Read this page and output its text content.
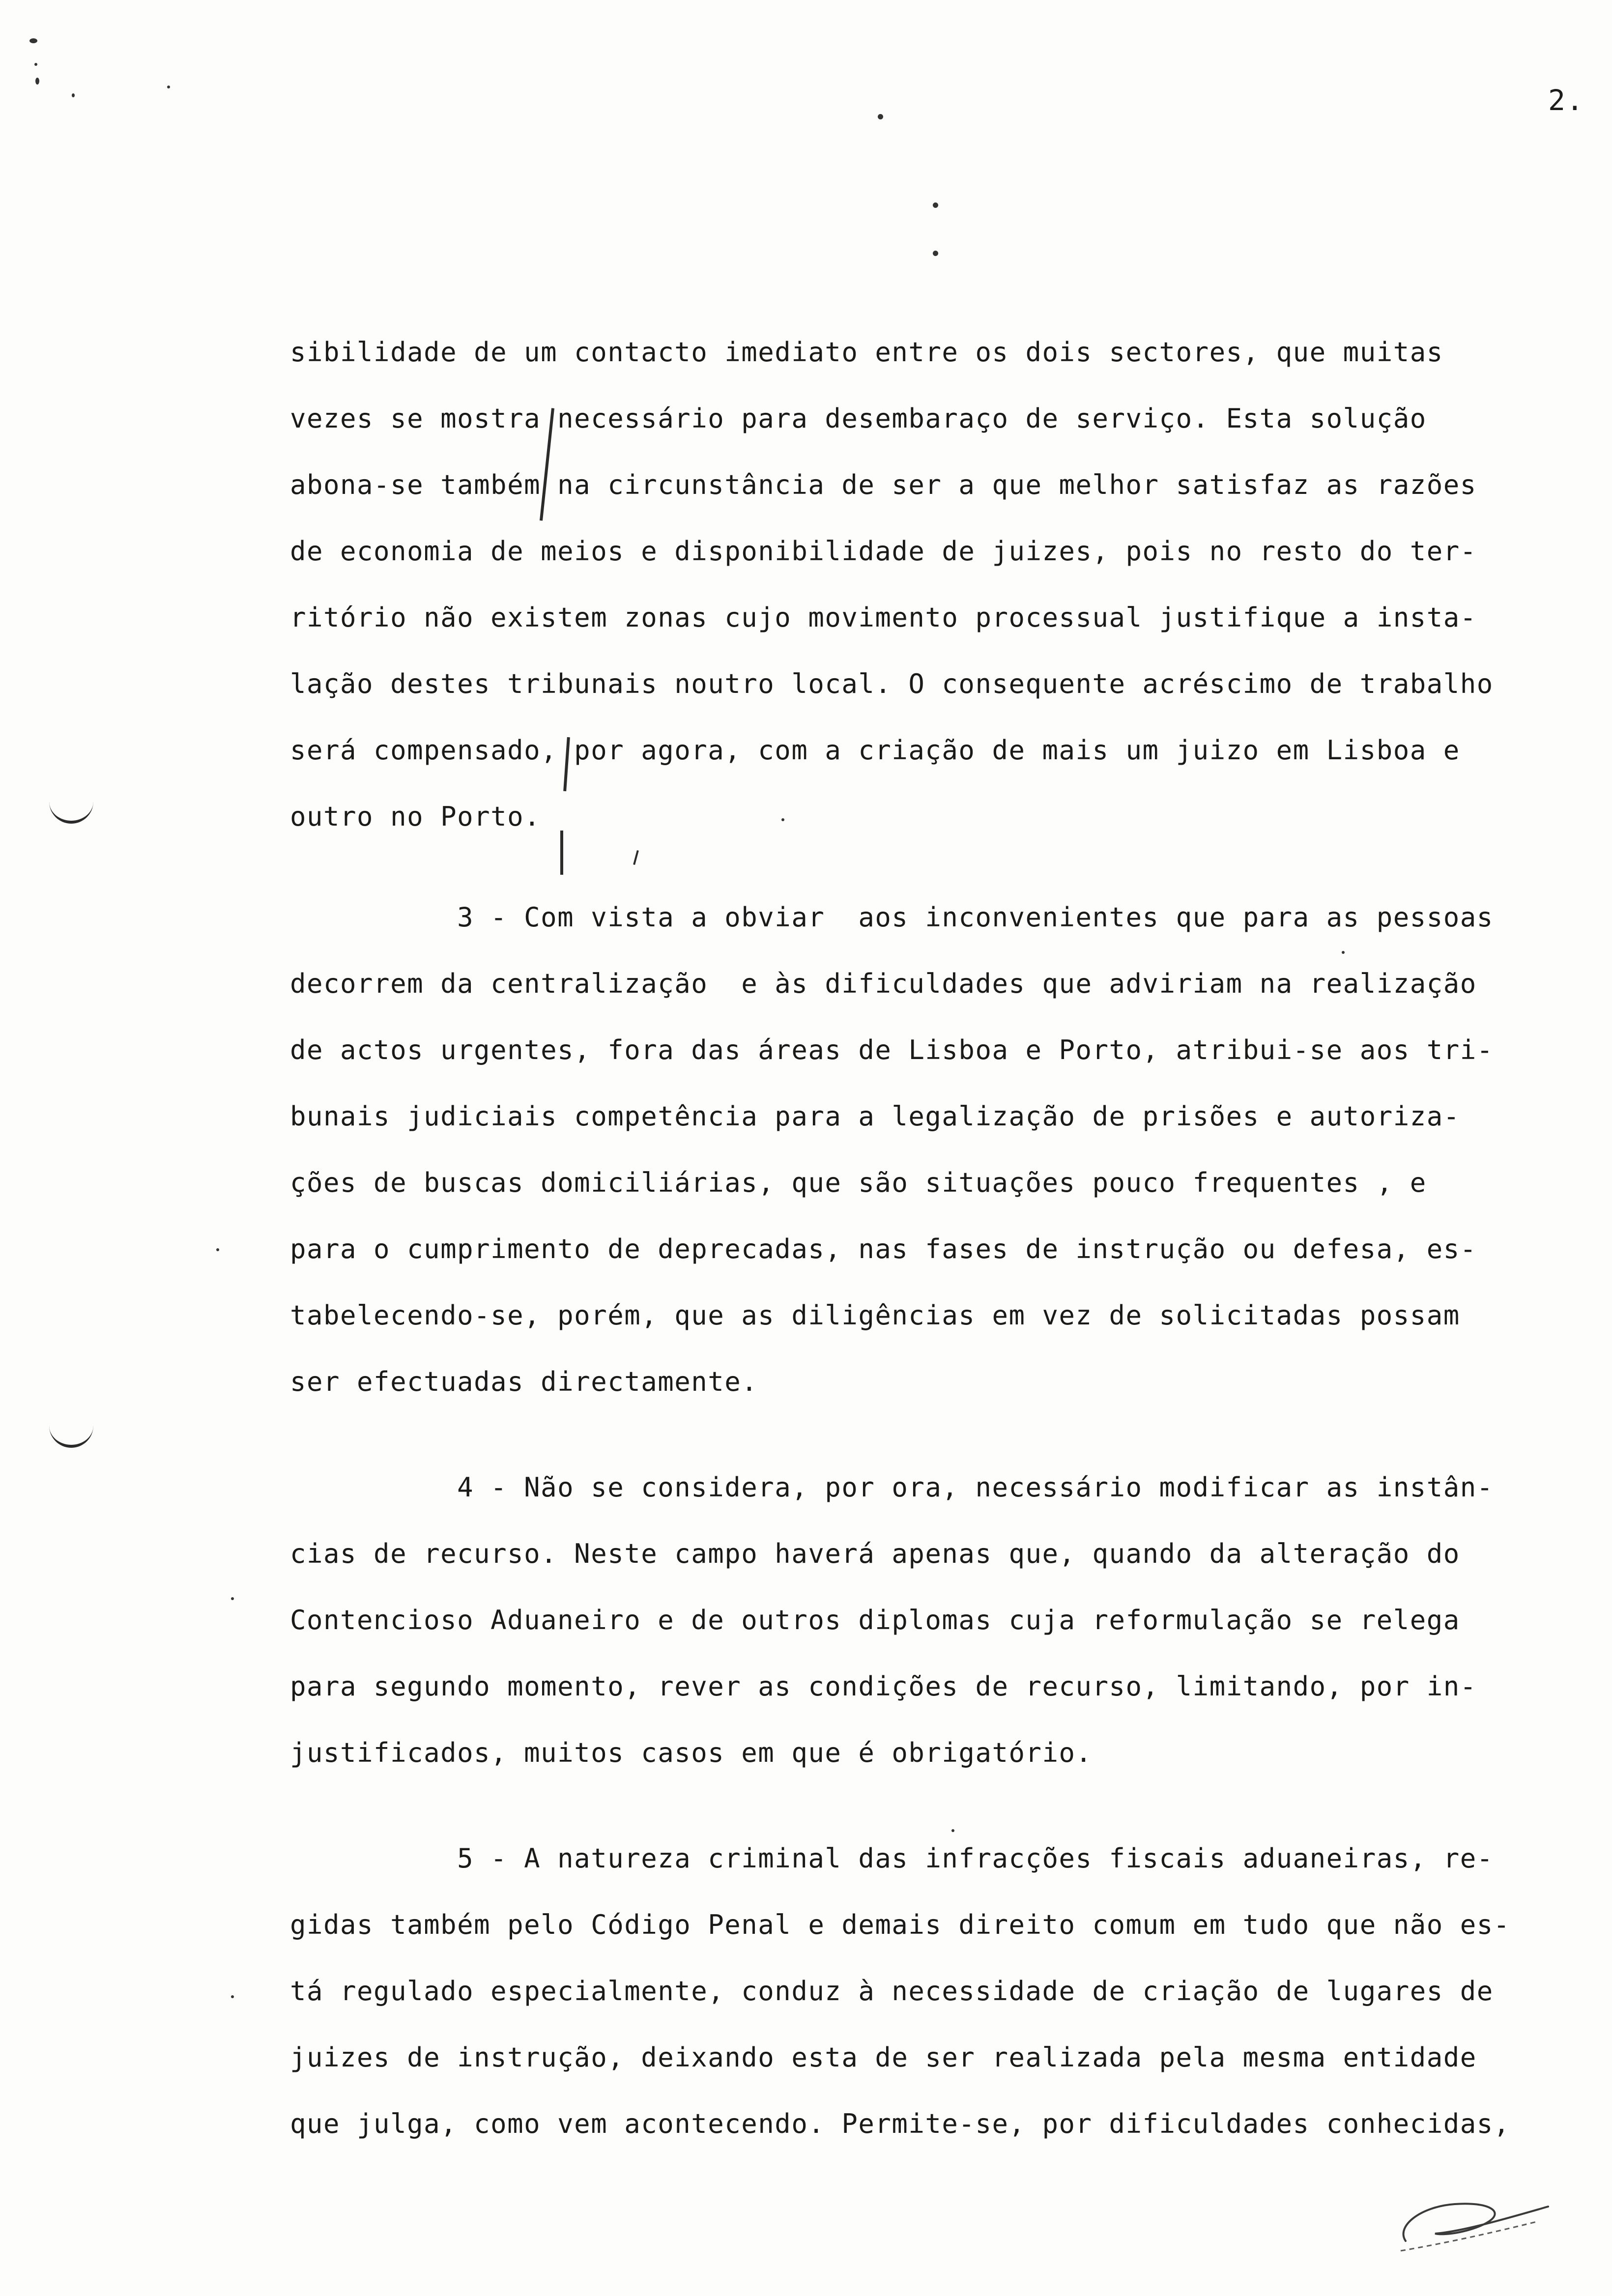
2.
sibilidade de um contacto imediato entre os dois sectores, que muitas
vezes se mostra necessário para desembaraço de serviço. Esta solução
abona-se também na circunstância de ser a que melhor satisfaz as razões
de economia de meios e disponibilidade de juizes, pois no resto do ter-
ritório não existem zonas cujo movimento processual justifique a insta-
lação destes tribunais noutro local. O consequente acréscimo de trabalho
será compensado, por agora, com a criação de mais um juizo em Lisboa e
outro no Porto.
3 - Com vista a obviar  aos inconvenientes que para as pessoas
decorrem da centralização  e às dificuldades que adviriam na realização
de actos urgentes, fora das áreas de Lisboa e Porto, atribui-se aos tri-
bunais judiciais competência para a legalização de prisões e autoriza-
ções de buscas domiciliárias, que são situações pouco frequentes , e
para o cumprimento de deprecadas, nas fases de instrução ou defesa, es-
tabelecendo-se, porém, que as diligências em vez de solicitadas possam
ser efectuadas directamente.
4 - Não se considera, por ora, necessário modificar as instân-
cias de recurso. Neste campo haverá apenas que, quando da alteração do
Contencioso Aduaneiro e de outros diplomas cuja reformulação se relega
para segundo momento, rever as condições de recurso, limitando, por in-
justificados, muitos casos em que é obrigatório.
5 - A natureza criminal das infracções fiscais aduaneiras, re-
gidas também pelo Código Penal e demais direito comum em tudo que não es-
tá regulado especialmente, conduz à necessidade de criação de lugares de
juizes de instrução, deixando esta de ser realizada pela mesma entidade
que julga, como vem acontecendo. Permite-se, por dificuldades conhecidas,
